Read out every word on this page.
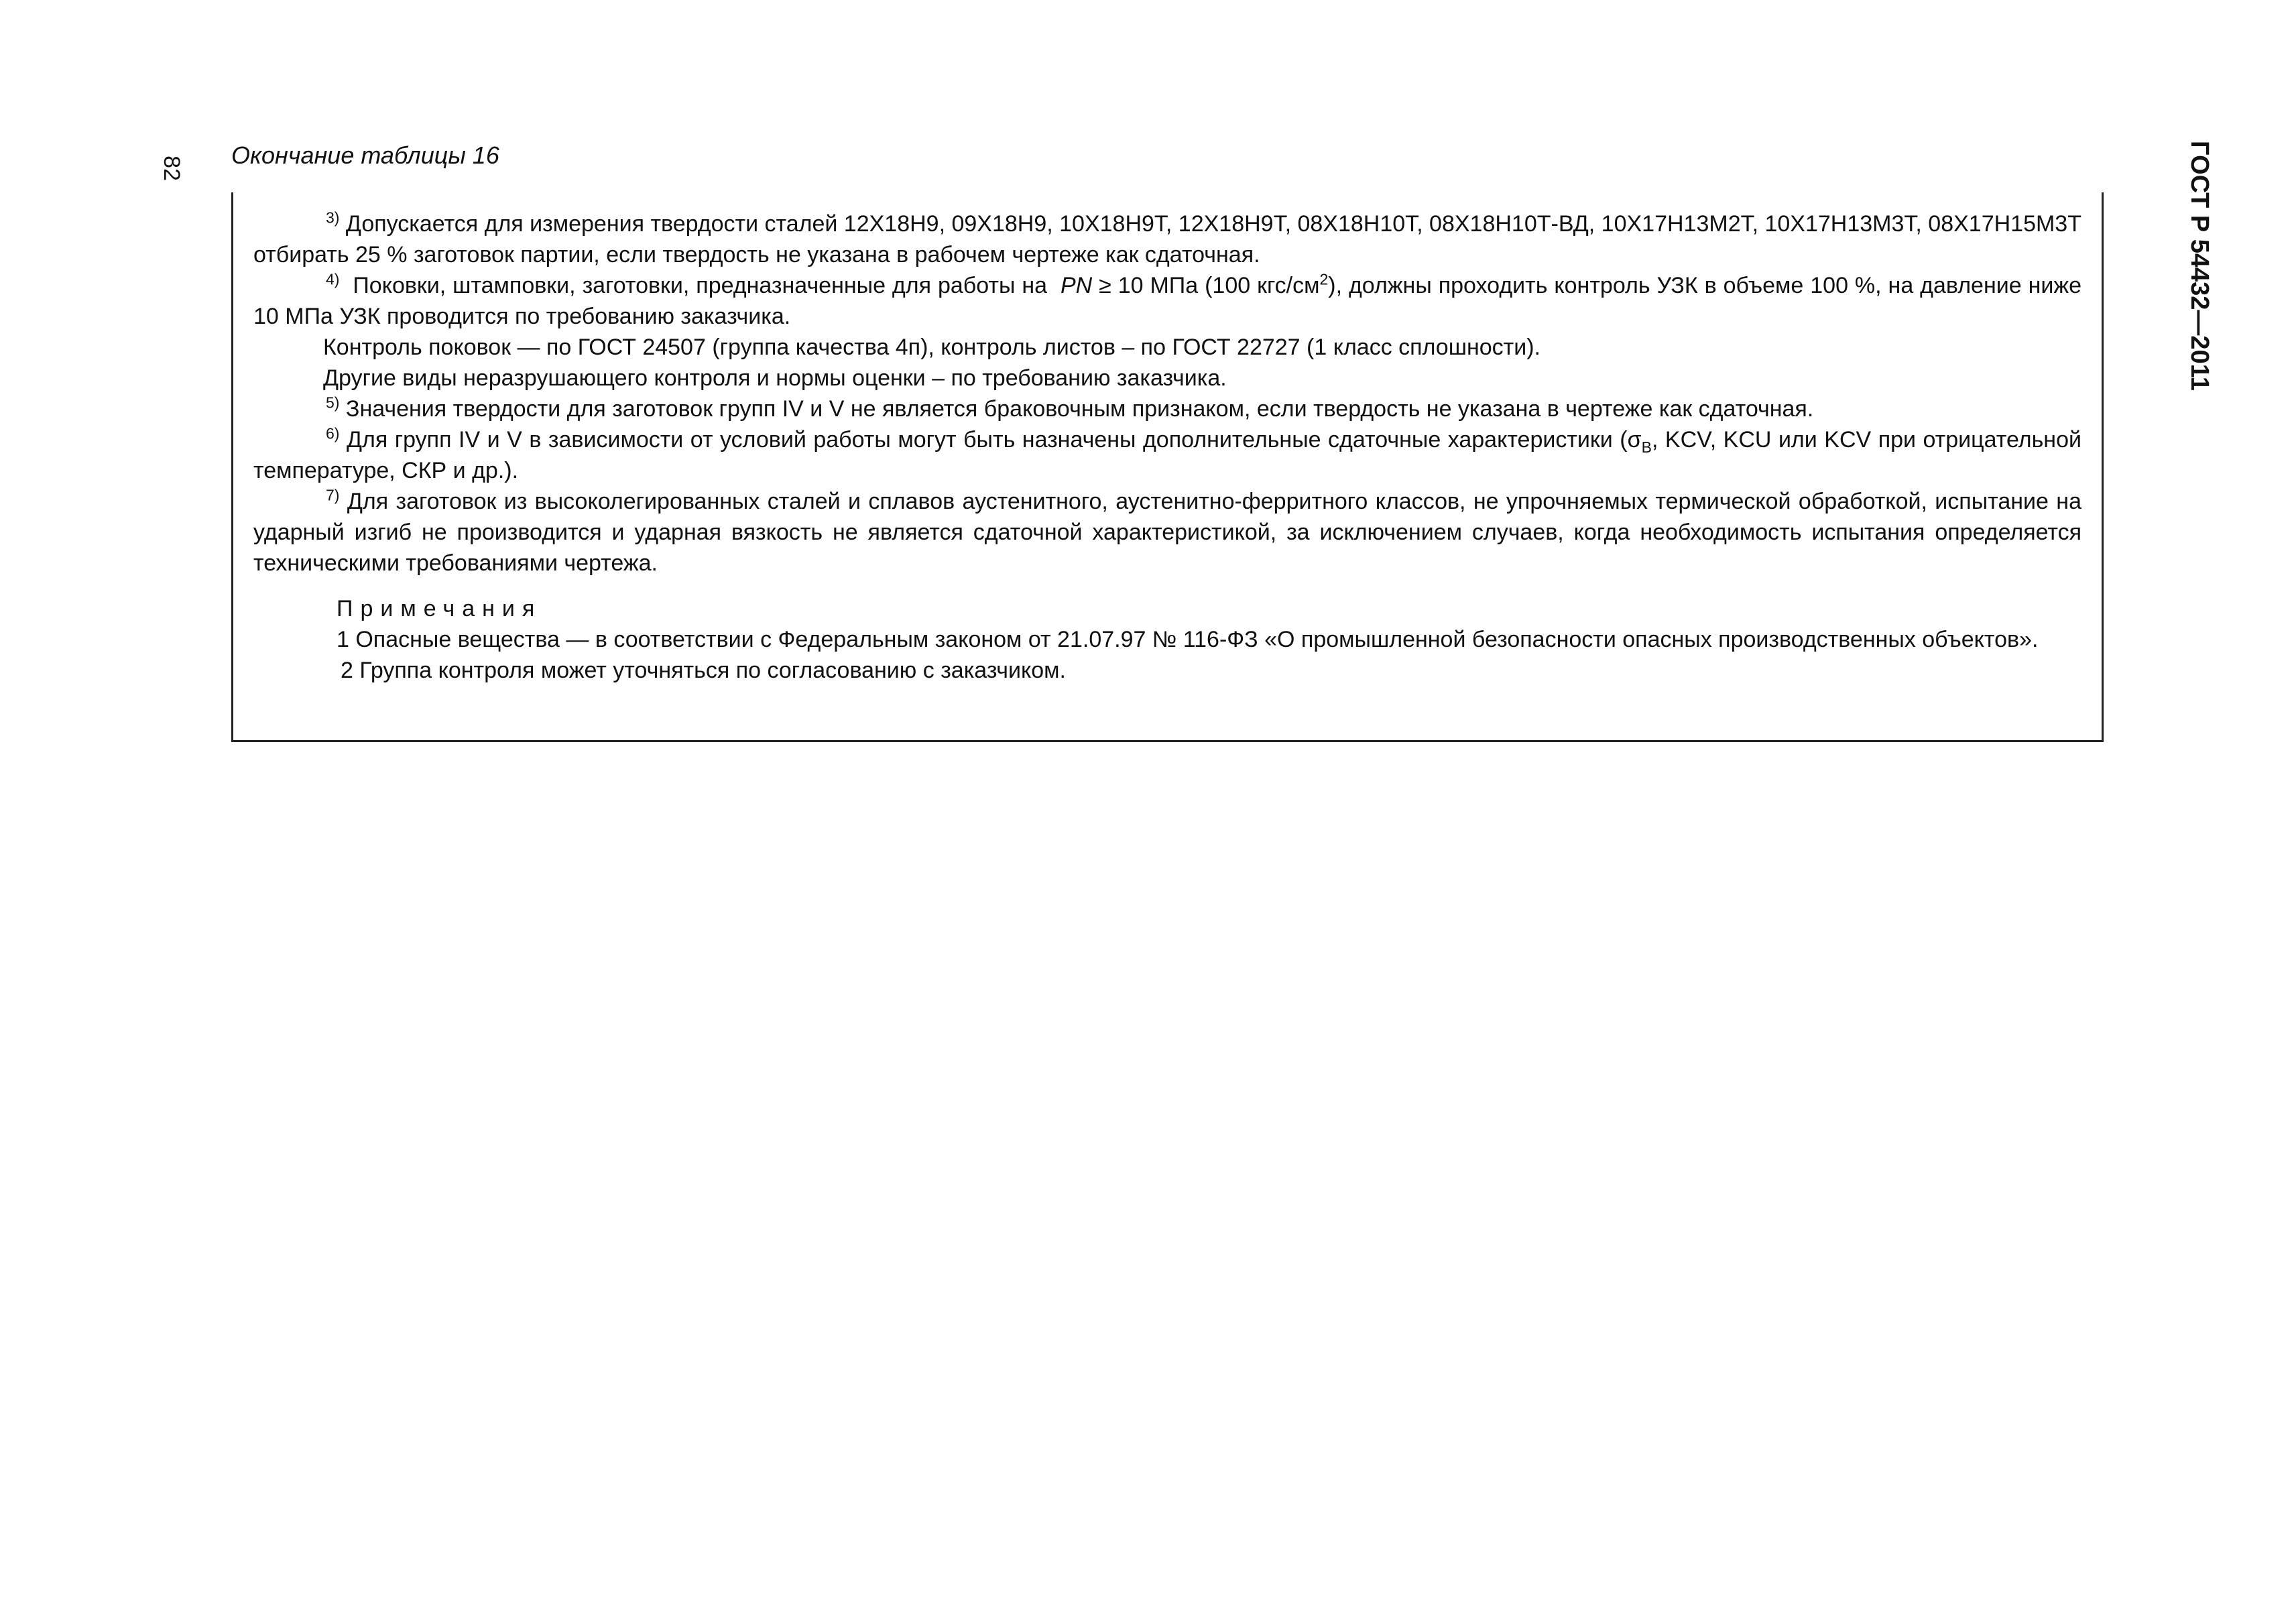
82 Окончание таблицы 16	ГОСТ Р 54432—2011

$^{3)}$ Допускается для измерения твердости сталей 12Х18Н9, 09Х18Н9, 10Х18Н9Т, 12Х18Н9Т, 08Х18Н10Т, 08Х18Н10Т-ВД, 10Х17Н13М2Т, 10Х17Н13М3Т, 08Х17Н15М3Т отбирать 25 % заготовок партии, если твердость не указана в рабочем чертеже как сдаточная.

$^{4)}$ Поковки, штамповки, заготовки, предназначенные для работы на PN ≥ 10 МПа (100 кгс/$см^2$), должны проходить контроль УЗК в объеме 100 %, на давление ниже 10 МПа УЗК проводится по требованию заказчика.

Контроль поковок — по ГОСТ 24507 (группа качества 4п), контроль листов – по ГОСТ 22727 (1 класс сплошности).

Другие виды неразрушающего контроля и нормы оценки – по требованию заказчика.

$^{5)}$ Значения твердости для заготовок групп IV и V не является браковочным признаком, если твердость не указана в чертеже как сдаточная.

$^{6)}$ Для групп IV и V в зависимости от условий работы могут быть назначены дополнительные сдаточные характеристики ($\sigma_В$, KCV, KCU или KCV при отрицательной температуре, СКР и др.).

$^{7)}$ Для заготовок из высоколегированных сталей и сплавов аустенитного, аустенитно-ферритного классов, не упрочняемых термической обработкой, испытание на ударный изгиб не производится и ударная вязкость не является сдаточной характеристикой, за исключением случаев, когда необходимость испытания определяется техническими требованиями чертежа.

Примечания

1 Опасные вещества — в соответствии с Федеральным законом от 21.07.97 № 116-ФЗ «О промышленной безопасности опасных производственных объектов».

2 Группа контроля может уточняться по согласованию с заказчиком.
